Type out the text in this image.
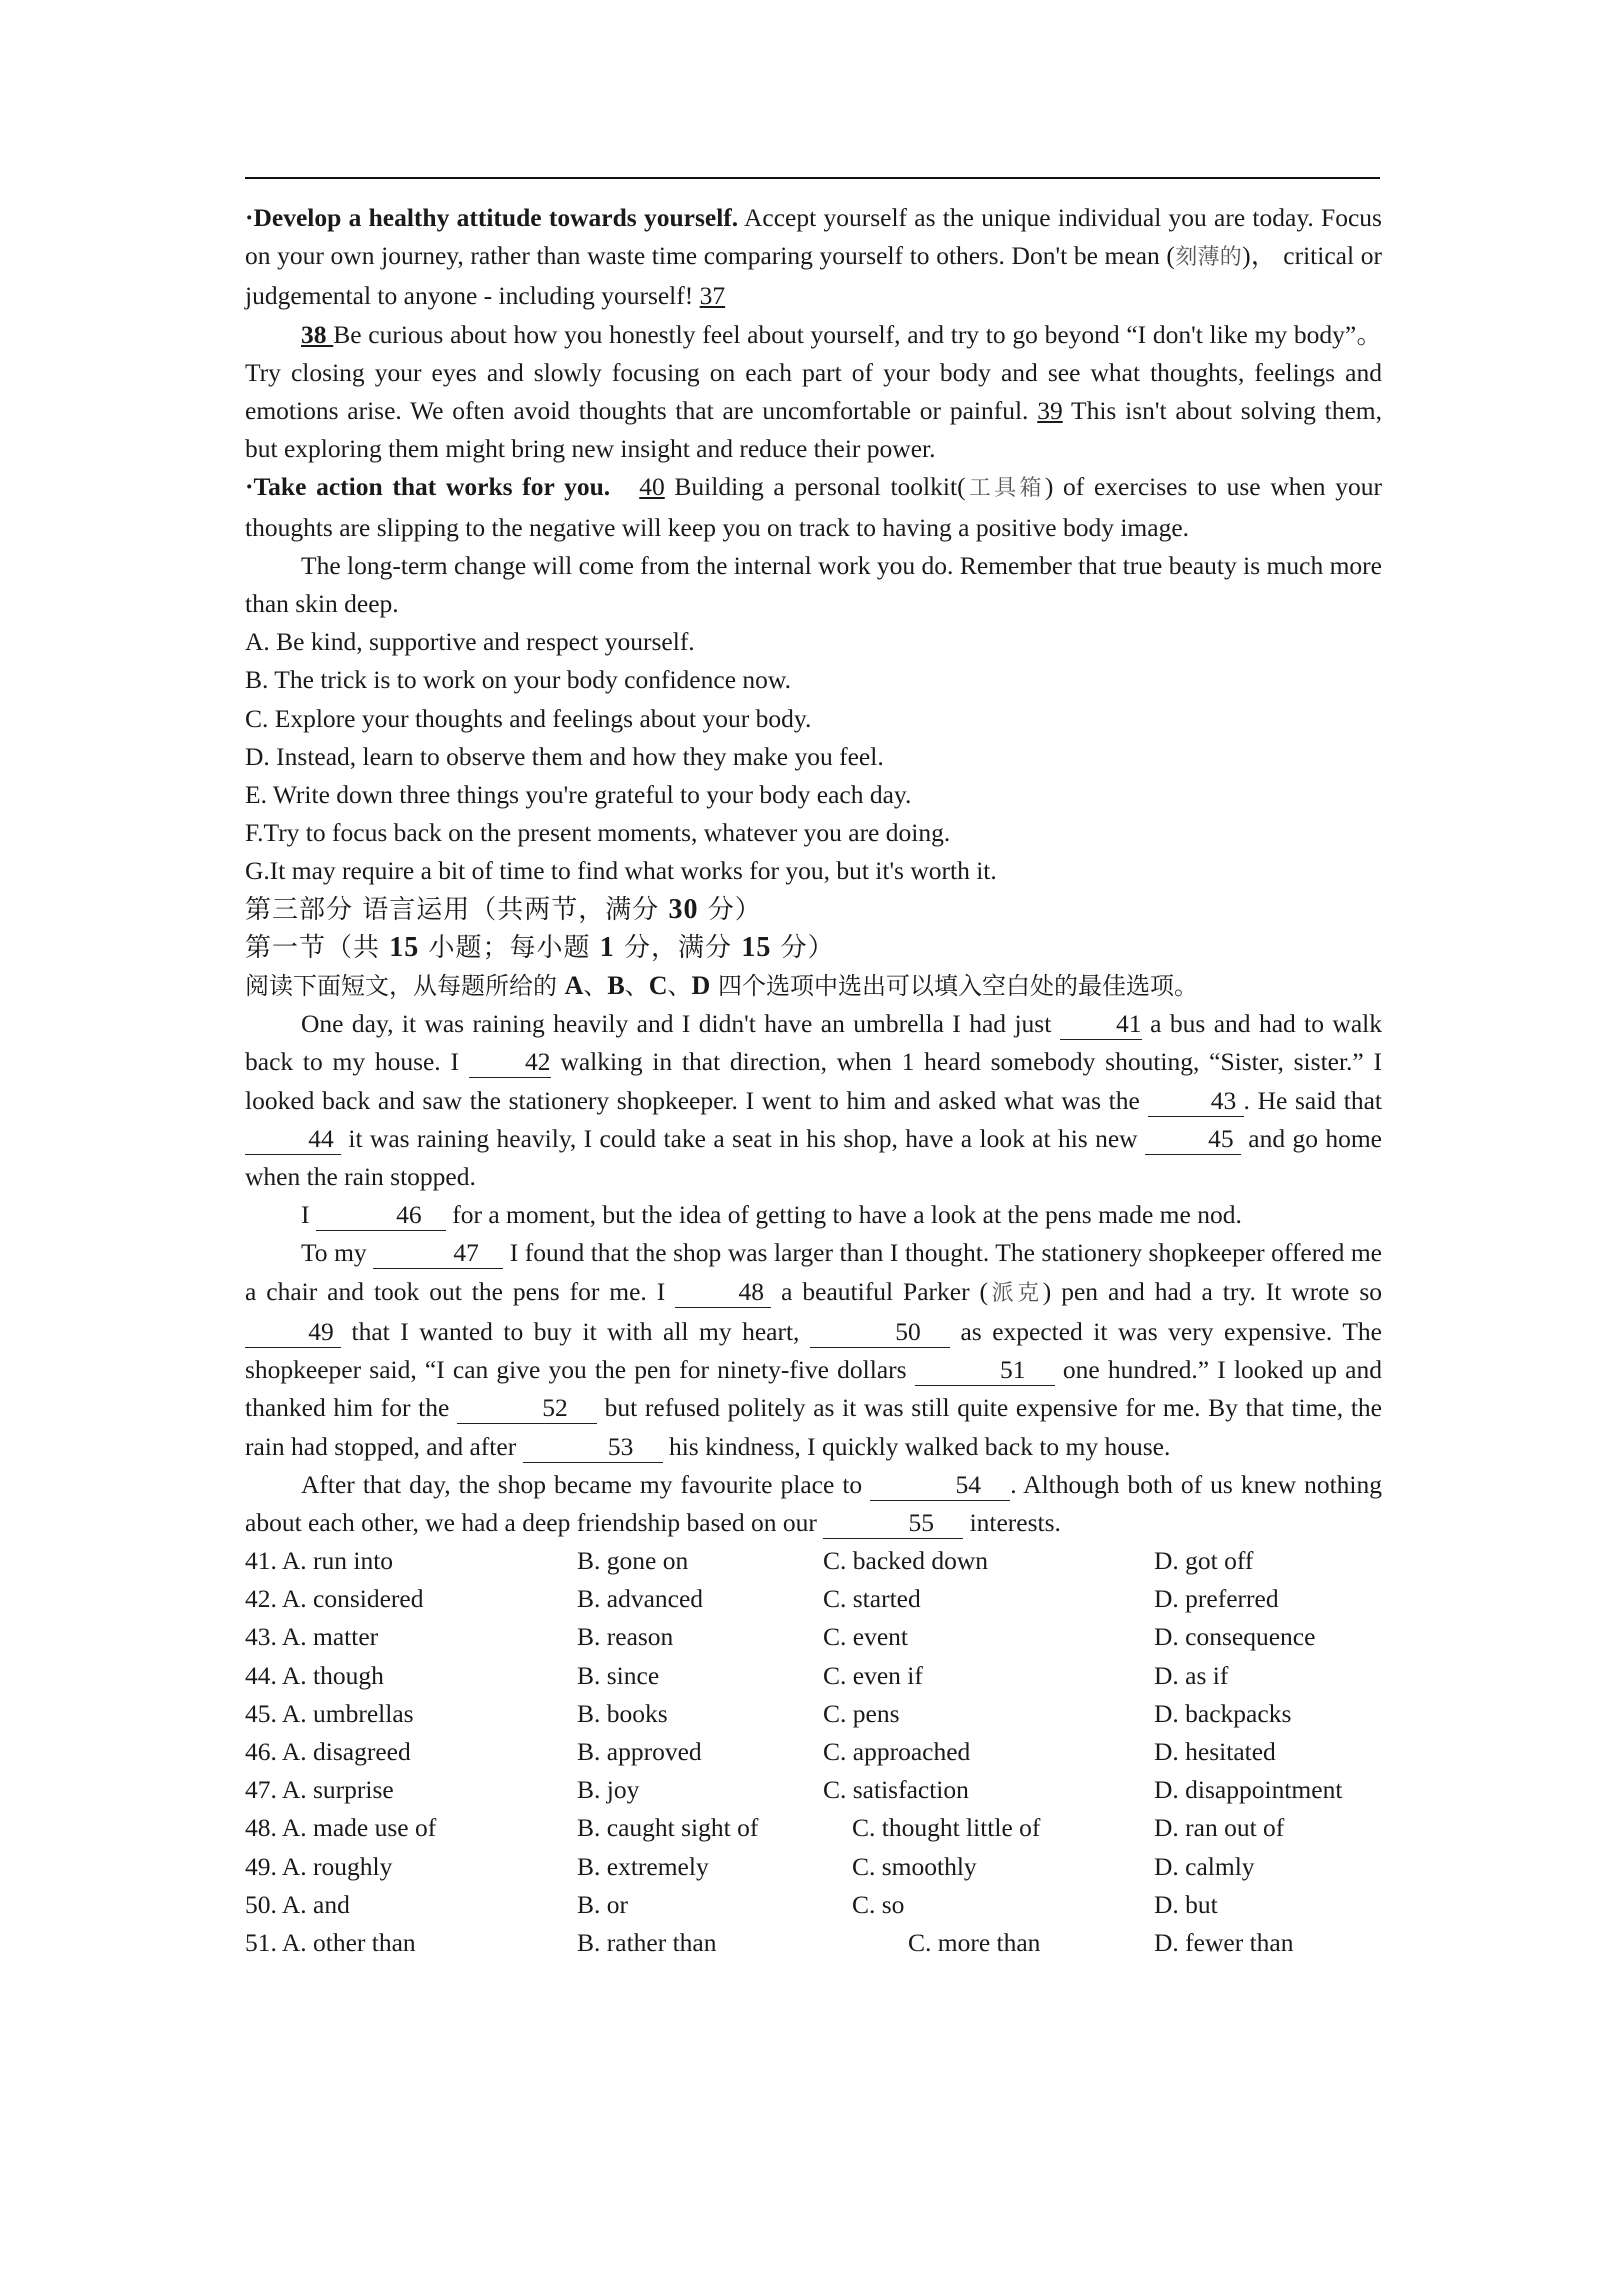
·Develop a healthy attitude towards yourself. Accept yourself as the unique individual you are today. Focus on your own journey, rather than waste time comparing yourself to others. Don't be mean (刻薄的)， critical or judgemental to anyone - including yourself! 37

38 Be curious about how you honestly feel about yourself, and try to go beyond “I don't like my body”。 Try closing your eyes and slowly focusing on each part of your body and see what thoughts, feelings and emotions arise. We often avoid thoughts that are uncomfortable or painful. 39 This isn't about solving them, but exploring them might bring new insight and reduce their power.

·Take action that works for you. 40 Building a personal toolkit(工具箱) of exercises to use when your thoughts are slipping to the negative will keep you on track to having a positive body image.

The long-term change will come from the internal work you do. Remember that true beauty is much more than skin deep.

A. Be kind, supportive and respect yourself.

B. The trick is to work on your body confidence now.

C. Explore your thoughts and feelings about your body.

D. Instead, learn to observe them and how they make you feel.

E. Write down three things you're grateful to your body each day.

F.Try to focus back on the present moments, whatever you are doing.

G.It may require a bit of time to find what works for you, but it's worth it.

第三部分 语言运用（共两节，满分 30 分）

第一节（共 15 小题；每小题 1 分，满分 15 分）

阅读下面短文，从每题所给的 A、B、C、D 四个选项中选出可以填入空白处的最佳选项。

One day, it was raining heavily and I didn't have an umbrella I had just 41 a bus and had to walk back to my house. I 42 walking in that direction, when 1 heard somebody shouting, “Sister, sister.” I looked back and saw the stationery shopkeeper. I went to him and asked what was the 43 . He said that 44 it was raining heavily, I could take a seat in his shop, have a look at his new 45 and go home when the rain stopped.

I	46 for a moment, but the idea of getting to have a look at the pens made me nod.

To my	47 I found that the shop was larger than I thought. The stationery shopkeeper offered me a chair and took out the pens for me. I 48 a beautiful Parker (派克) pen and had a try. It wrote so 49 that I wanted to buy it with all my heart,	50 as expected it was very expensive. The shopkeeper said, “I can give you the pen for ninety-five dollars	51 one hundred.” I looked up and thanked him for the	52 but refused politely as it was still quite expensive for me. By that time, the rain had stopped, and after	53 his kindness, I quickly walked back to my house.

After that day, the shop became my favourite place to	54 . Although both of us knew nothing about each other, we had a deep friendship based on our	55 interests.

41. A. run into	B. gone on	C. backed down	D. got off
42. A. considered	B. advanced	C. started	D. preferred
43. A. matter	B. reason	C. event	D. consequence
44. A. though	B. since	C. even if	D. as if
45. A. umbrellas	B. books	C. pens	D. backpacks
46. A. disagreed	B. approved	C. approached	D. hesitated
47. A. surprise	B. joy	C. satisfaction	D. disappointment
48. A. made use of	B. caught sight of	C. thought little of	D. ran out of
49. A. roughly	B. extremely	C. smoothly	D. calmly
50. A. and	B. or	C. so	D. but
51. A. other than	B. rather than	C. more than	D. fewer than
